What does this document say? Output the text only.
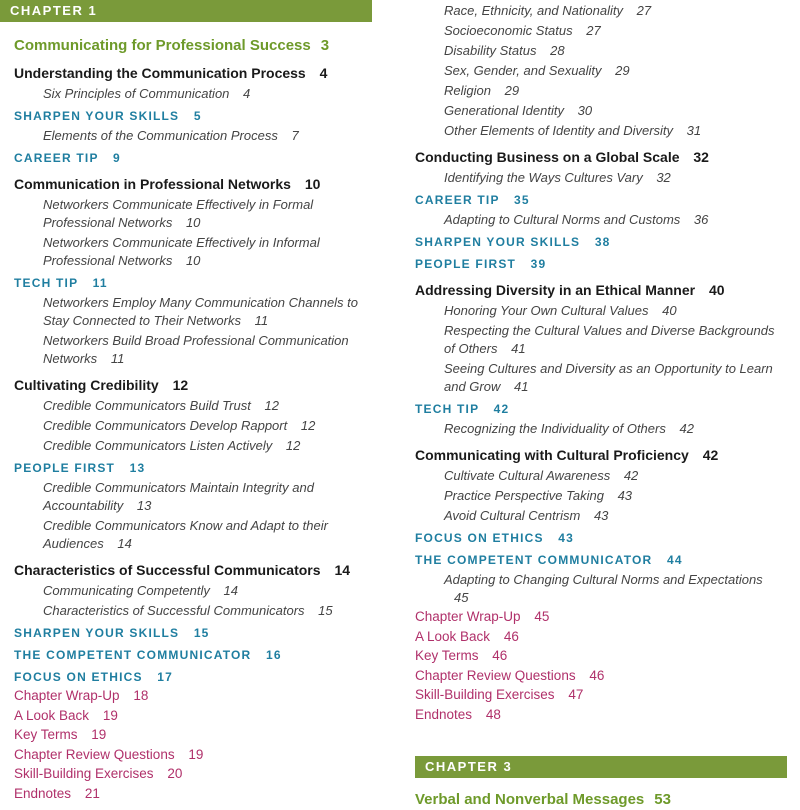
CHAPTER 1
Communicating for Professional Success 3
Understanding the Communication Process 4
Six Principles of Communication 4
SHARPEN YOUR SKILLS 5
Elements of the Communication Process 7
CAREER TIP 9
Communication in Professional Networks 10
Networkers Communicate Effectively in Formal Professional Networks 10
Networkers Communicate Effectively in Informal Professional Networks 10
TECH TIP 11
Networkers Employ Many Communication Channels to Stay Connected to Their Networks 11
Networkers Build Broad Professional Communication Networks 11
Cultivating Credibility 12
Credible Communicators Build Trust 12
Credible Communicators Develop Rapport 12
Credible Communicators Listen Actively 12
PEOPLE FIRST 13
Credible Communicators Maintain Integrity and Accountability 13
Credible Communicators Know and Adapt to their Audiences 14
Characteristics of Successful Communicators 14
Communicating Competently 14
Characteristics of Successful Communicators 15
SHARPEN YOUR SKILLS 15
THE COMPETENT COMMUNICATOR 16
FOCUS ON ETHICS 17
Chapter Wrap-Up 18
A Look Back 19
Key Terms 19
Chapter Review Questions 19
Skill-Building Exercises 20
Endnotes 21
Race, Ethnicity, and Nationality 27
Socioeconomic Status 27
Disability Status 28
Sex, Gender, and Sexuality 29
Religion 29
Generational Identity 30
Other Elements of Identity and Diversity 31
Conducting Business on a Global Scale 32
Identifying the Ways Cultures Vary 32
CAREER TIP 35
Adapting to Cultural Norms and Customs 36
SHARPEN YOUR SKILLS 38
PEOPLE FIRST 39
Addressing Diversity in an Ethical Manner 40
Honoring Your Own Cultural Values 40
Respecting the Cultural Values and Diverse Backgrounds of Others 41
Seeing Cultures and Diversity as an Opportunity to Learn and Grow 41
TECH TIP 42
Recognizing the Individuality of Others 42
Communicating with Cultural Proficiency 42
Cultivate Cultural Awareness 42
Practice Perspective Taking 43
Avoid Cultural Centrism 43
FOCUS ON ETHICS 43
THE COMPETENT COMMUNICATOR 44
Adapting to Changing Cultural Norms and Expectations 45
Chapter Wrap-Up 45
A Look Back 46
Key Terms 46
Chapter Review Questions 46
Skill-Building Exercises 47
Endnotes 48
CHAPTER 3
Verbal and Nonverbal Messages 53
